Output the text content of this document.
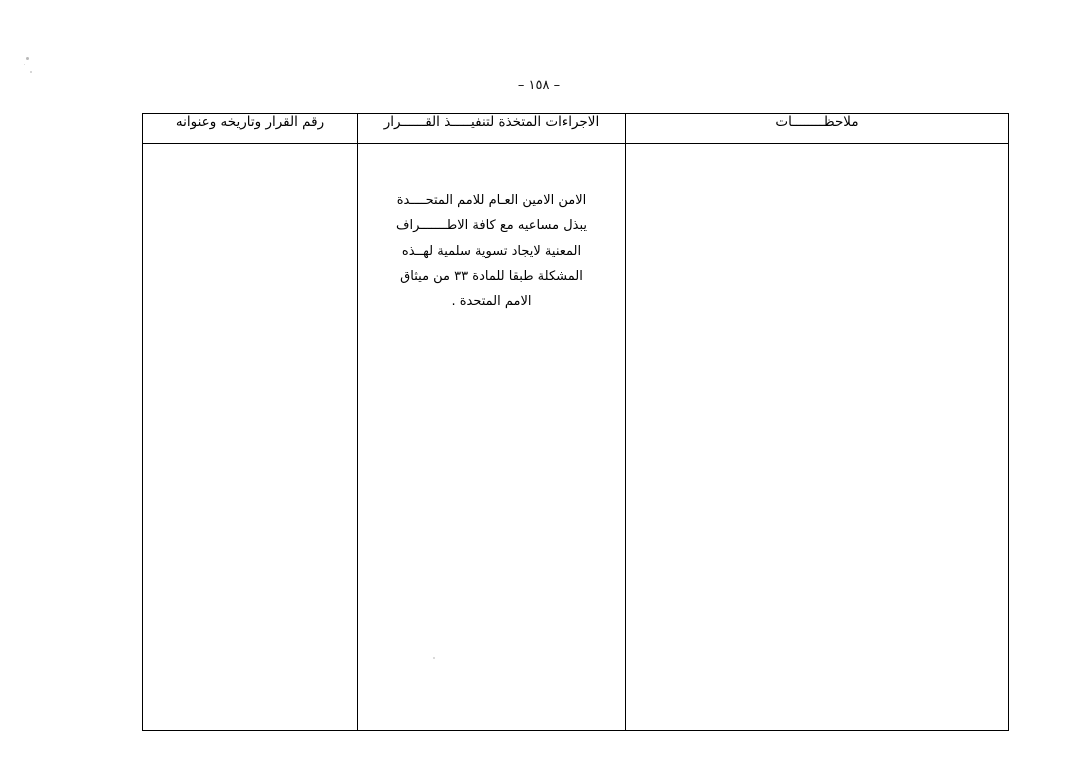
– ١٥٨ –
ملاحظــــــــات	الاجراءات المتخذة لتنفيـــــذ القــــــرار	رقم القرار وتاريخه وعنوانه

	الامن الامين العـام للامم المتحــــدة

يبذل مساعيه مع كافة الاطـــــــراف

المعنية لايجاد تسوية سلمية لهــذه

المشكلة طبقا للمادة ٣٣ من ميثاق

الامم المتحدة .	
